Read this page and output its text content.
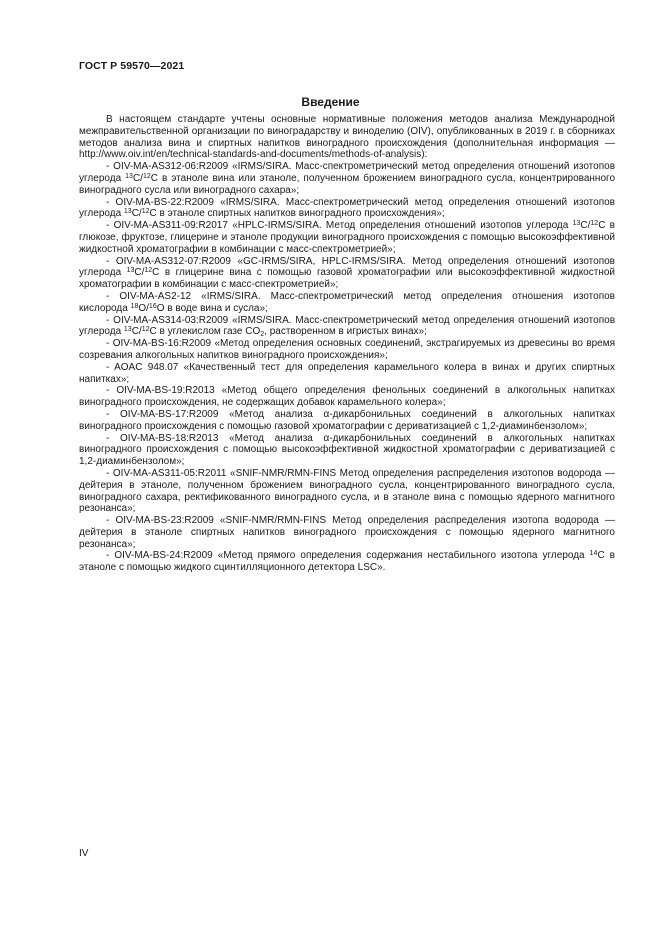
ГОСТ Р 59570—2021
Введение

В настоящем стандарте учтены основные нормативные положения методов анализа Международной межправительственной организации по виноградарству и виноделию (OIV), опубликованных в 2019 г. в сборниках методов анализа вина и спиртных напитков виноградного происхождения (дополнительная информация — http://www.oiv.int/en/technical-standards-and-documents/methods-of-analysis):

- OIV-MA-AS312-06:R2009 «IRMS/SIRA. Масс-спектрометрический метод определения отношений изотопов углерода $^{13}$C/$^{12}$C в этаноле вина или этаноле, полученном брожением виноградного сусла, концентрированного виноградного сусла или виноградного сахара»;

- OIV-MA-BS-22:R2009 «IRMS/SIRA. Масс-спектрометрический метод определения отношений изотопов углерода $^{13}$C/$^{12}$C в этаноле спиртных напитков виноградного происхождения»;

- OIV-MA-AS311-09:R2017 «HPLC-IRMS/SIRA. Метод определения отношений изотопов углерода $^{13}$C/$^{12}$C в глюкозе, фруктозе, глицерине и этаноле продукции виноградного происхождения с помощью высокоэффективной жидкостной хроматографии в комбинации с масс-спектрометрией»;

- OIV-MA-AS312-07:R2009 «GC-IRMS/SIRA, HPLC-IRMS/SIRA. Метод определения отношений изотопов углерода $^{13}$C/$^{12}$C в глицерине вина с помощью газовой хроматографии или высокоэффективной жидкостной хроматографии в комбинации с масс-спектрометрией»;

- OIV-MA-AS2-12 «IRMS/SIRA. Масс-спектрометрический метод определения отношения изотопов кислорода $^{18}$O/$^{16}$O в воде вина и сусла»;

- OIV-MA-AS314-03:R2009 «IRMS/SIRA. Масс-спектрометрический метод определения отношений изотопов углерода $^{13}$C/$^{12}$C в углекислом газе $CO_2$, растворенном в игристых винах»;

- OIV-MA-BS-16:R2009 «Метод определения основных соединений, экстрагируемых из древесины во время созревания алкогольных напитков виноградного происхождения»;

- AOAC 948.07 «Качественный тест для определения карамельного колера в винах и других спиртных напитках»;

- OIV-MA-BS-19:R2013 «Метод общего определения фенольных соединений в алкогольных напитках виноградного происхождения, не содержащих добавок карамельного колера»;

- OIV-MA-BS-17:R2009 «Метод анализа α-дикарбонильных соединений в алкогольных напитках виноградного происхождения с помощью газовой хроматографии с дериватизацией с 1,2-диаминбензолом»;

- OIV-MA-BS-18:R2013 «Метод анализа α-дикарбонильных соединений в алкогольных напитках виноградного происхождения с помощью высокоэффективной жидкостной хроматографии с дериватизацией с 1,2-диаминбензолом»;

- OIV-MA-AS311-05:R2011 «SNIF-NMR/RMN-FINS Метод определения распределения изотопов водорода — дейтерия в этаноле, полученном брожением виноградного сусла, концентрированного виноградного сусла, виноградного сахара, ректификованного виноградного сусла, и в этаноле вина с помощью ядерного магнитного резонанса»;

- OIV-MA-BS-23:R2009 «SNIF-NMR/RMN-FINS Метод определения распределения изотопа водорода — дейтерия в этаноле спиртных напитков виноградного происхождения с помощью ядерного магнитного резонанса»;

- OIV-MA-BS-24:R2009 «Метод прямого определения содержания нестабильного изотопа углерода $^{14}$C в этаноле с помощью жидкого сцинтилляционного детектора LSC».

IV
